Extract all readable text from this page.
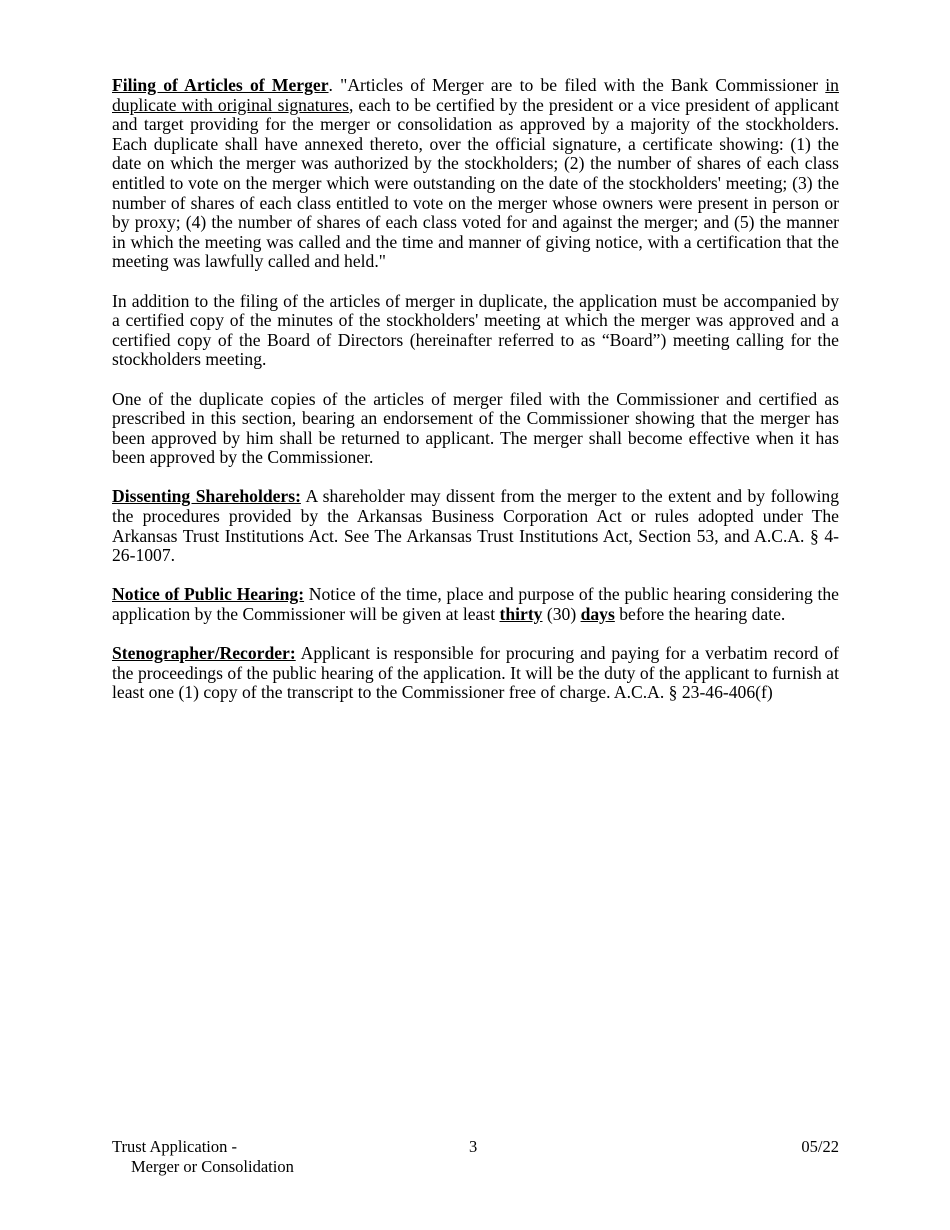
Filing of Articles of Merger. "Articles of Merger are to be filed with the Bank Commissioner in duplicate with original signatures, each to be certified by the president or a vice president of applicant and target providing for the merger or consolidation as approved by a majority of the stockholders. Each duplicate shall have annexed thereto, over the official signature, a certificate showing: (1) the date on which the merger was authorized by the stockholders; (2) the number of shares of each class entitled to vote on the merger which were outstanding on the date of the stockholders' meeting; (3) the number of shares of each class entitled to vote on the merger whose owners were present in person or by proxy; (4) the number of shares of each class voted for and against the merger; and (5) the manner in which the meeting was called and the time and manner of giving notice, with a certification that the meeting was lawfully called and held."

In addition to the filing of the articles of merger in duplicate, the application must be accompanied by a certified copy of the minutes of the stockholders' meeting at which the merger was approved and a certified copy of the Board of Directors (hereinafter referred to as “Board”) meeting calling for the stockholders meeting.

One of the duplicate copies of the articles of merger filed with the Commissioner and certified as prescribed in this section, bearing an endorsement of the Commissioner showing that the merger has been approved by him shall be returned to applicant. The merger shall become effective when it has been approved by the Commissioner.

Dissenting Shareholders: A shareholder may dissent from the merger to the extent and by following the procedures provided by the Arkansas Business Corporation Act or rules adopted under The Arkansas Trust Institutions Act. See The Arkansas Trust Institutions Act, Section 53, and A.C.A. § 4-26-1007.

Notice of Public Hearing: Notice of the time, place and purpose of the public hearing considering the application by the Commissioner will be given at least thirty (30) days before the hearing date.

Stenographer/Recorder: Applicant is responsible for procuring and paying for a verbatim record of the proceedings of the public hearing of the application. It will be the duty of the applicant to furnish at least one (1) copy of the transcript to the Commissioner free of charge. A.C.A. § 23-46-406(f)

Trust Application -
Merger or Consolidation
3	05/22
